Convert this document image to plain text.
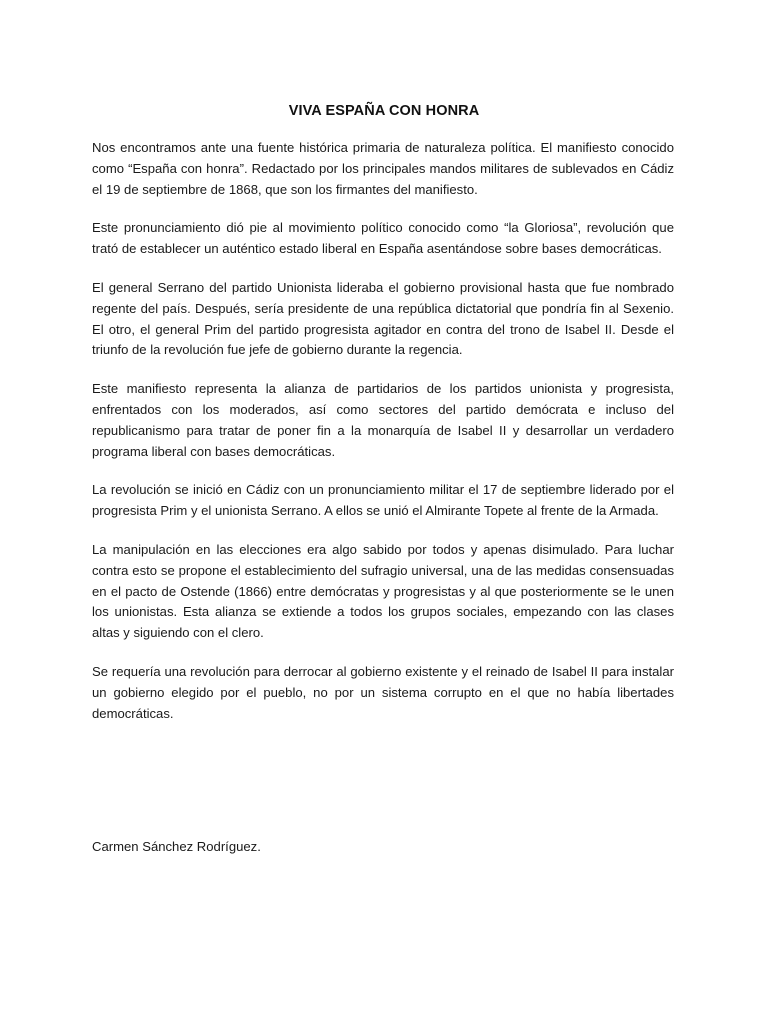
VIVA ESPAÑA CON HONRA

Nos encontramos ante una fuente histórica primaria de naturaleza política. El manifiesto conocido como “España con honra”. Redactado por los principales mandos militares de sublevados en Cádiz el 19 de septiembre de 1868, que son los firmantes del manifiesto.

Este pronunciamiento dió pie al movimiento político conocido como “la Gloriosa”, revolución que trató de establecer un auténtico estado liberal en España asentándose sobre bases democráticas.

El general Serrano del partido Unionista lideraba el gobierno provisional hasta que fue nombrado regente del país. Después, sería presidente de una república dictatorial que pondría fin al Sexenio. El otro, el general Prim del partido progresista agitador en contra del trono de Isabel II. Desde el triunfo de la revolución fue jefe de gobierno durante la regencia.

Este manifiesto representa la alianza de partidarios de los partidos unionista y progresista, enfrentados con los moderados, así como sectores del partido demócrata e incluso del republicanismo para tratar de poner fin a la monarquía de Isabel II y desarrollar un verdadero programa liberal con bases democráticas.

La revolución se inició en Cádiz con un pronunciamiento militar el 17 de septiembre liderado por el progresista Prim y el unionista Serrano. A ellos se unió el Almirante Topete al frente de la Armada.

La manipulación en las elecciones era algo sabido por todos y apenas disimulado. Para luchar contra esto se propone el establecimiento del sufragio universal, una de las medidas consensuadas en el pacto de Ostende (1866) entre demócratas y progresistas y al que posteriormente se le unen los unionistas. Esta alianza se extiende a todos los grupos sociales, empezando con las clases altas y siguiendo con el clero.

Se requería una revolución para derrocar al gobierno existente y el reinado de Isabel II para instalar un gobierno elegido por el pueblo, no por un sistema corrupto en el que no había libertades democráticas.

Carmen Sánchez Rodríguez.
